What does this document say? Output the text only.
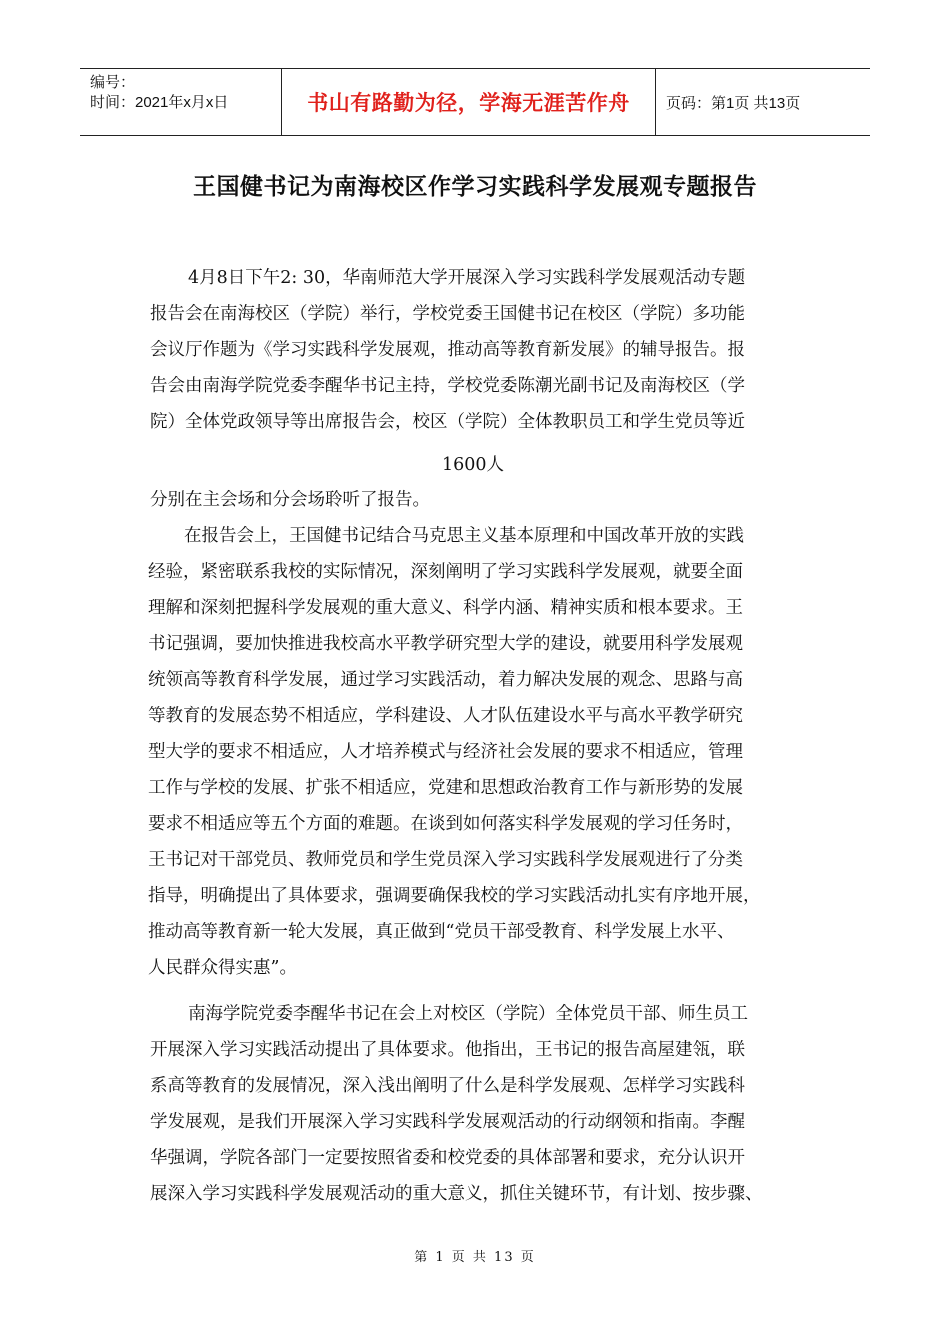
编号：
时间：2021年x月x日	书山有路勤为径，学海无涯苦作舟	页码：第1页 共13页
王国健书记为南海校区作学习实践科学发展观专题报告
4月8日下午2: 30，华南师范大学开展深入学习实践科学发展观活动专题
报告会在南海校区（学院）举行，学校党委王国健书记在校区（学院）多功能
会议厅作题为《学习实践科学发展观，推动高等教育新发展》的辅导报告。报
告会由南海学院党委李醒华书记主持，学校党委陈潮光副书记及南海校区（学
院）全体党政领导等出席报告会，校区（学院）全体教职员工和学生党员等近
1600人
分别在主会场和分会场聆听了报告。
在报告会上，王国健书记结合马克思主义基本原理和中国改革开放的实践
经验，紧密联系我校的实际情况，深刻阐明了学习实践科学发展观，就要全面
理解和深刻把握科学发展观的重大意义、科学内涵、精神实质和根本要求。王
书记强调，要加快推进我校高水平教学研究型大学的建设，就要用科学发展观
统领高等教育科学发展，通过学习实践活动，着力解决发展的观念、思路与高
等教育的发展态势不相适应，学科建设、人才队伍建设水平与高水平教学研究
型大学的要求不相适应，人才培养模式与经济社会发展的要求不相适应，管理
工作与学校的发展、扩张不相适应，党建和思想政治教育工作与新形势的发展
要求不相适应等五个方面的难题。在谈到如何落实科学发展观的学习任务时，
王书记对干部党员、教师党员和学生党员深入学习实践科学发展观进行了分类
指导，明确提出了具体要求，强调要确保我校的学习实践活动扎实有序地开展，
推动高等教育新一轮大发展，真正做到“党员干部受教育、科学发展上水平、
人民群众得实惠”。
南海学院党委李醒华书记在会上对校区（学院）全体党员干部、师生员工
开展深入学习实践活动提出了具体要求。他指出，王书记的报告高屋建瓴，联
系高等教育的发展情况，深入浅出阐明了什么是科学发展观、怎样学习实践科
学发展观，是我们开展深入学习实践科学发展观活动的行动纲领和指南。李醒
华强调，学院各部门一定要按照省委和校党委的具体部署和要求，充分认识开
展深入学习实践科学发展观活动的重大意义，抓住关键环节，有计划、按步骤、
第 1 页 共 13 页
